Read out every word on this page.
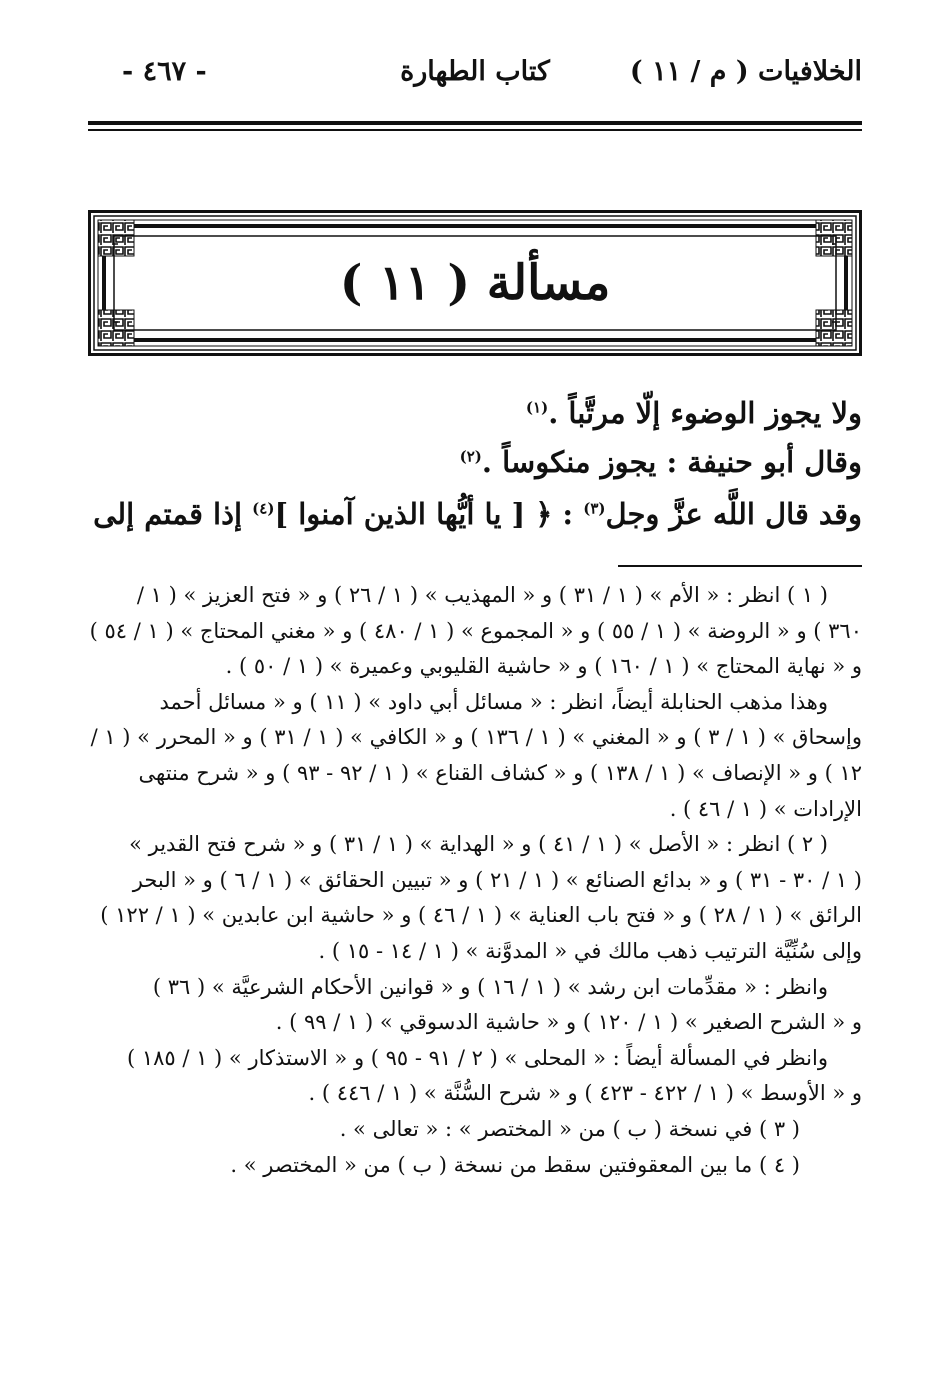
الخلافيات ( م / ١١ )
كتاب الطهارة
- ٤٦٧ -
مسألة ( ١١ )

ولا يجوز الوضوء إلّا مرتَّباً .$^{(١)}$

وقال أبو حنيفة : يجوز منكوساً .$^{(٢)}$

وقد قال اللَّه عزَّ وجل$^{(٣)}$ : ﴿ [ يا أيُّها الذين آمنوا ]$^{(٤)}$ إذا قمتم إلى

( ١ ) انظر : « الأم » ( ١ / ٣١ ) و « المهذيب » ( ١ / ٢٦ ) و « فتح العزيز » ( ١ /

٣٦٠ ) و « الروضة » ( ١ / ٥٥ ) و « المجموع » ( ١ / ٤٨٠ ) و « مغني المحتاج » ( ١ / ٥٤ )

و « نهاية المحتاج » ( ١ / ١٦٠ ) و « حاشية القليوبي وعميرة » ( ١ / ٥٠ ) .

وهذا مذهب الحنابلة أيضاً، انظر : « مسائل أبي داود » ( ١١ ) و « مسائل أحمد

وإسحاق » ( ١ / ٣ ) و « المغني » ( ١ / ١٣٦ ) و « الكافي » ( ١ / ٣١ ) و « المحرر » ( ١ /

١٢ ) و « الإنصاف » ( ١ / ١٣٨ ) و « كشاف القناع » ( ١ / ٩٢ - ٩٣ ) و « شرح منتهى

الإرادات » ( ١ / ٤٦ ) .

( ٢ ) انظر : « الأصل » ( ١ / ٤١ ) و « الهداية » ( ١ / ٣١ ) و « شرح فتح القدير »

( ١ / ٣٠ - ٣١ ) و « بدائع الصنائع » ( ١ / ٢١ ) و « تبيين الحقائق » ( ١ / ٦ ) و « البحر

الرائق » ( ١ / ٢٨ ) و « فتح باب العناية » ( ١ / ٤٦ ) و « حاشية ابن عابدين » ( ١ / ١٢٢ )

وإلى سُنِّيَّة الترتيب ذهب مالك في « المدوَّنة » ( ١ / ١٤ - ١٥ ) .

وانظر : « مقدِّمات ابن رشد » ( ١ / ١٦ ) و « قوانين الأحكام الشرعيَّة » ( ٣٦ )

و « الشرح الصغير » ( ١ / ١٢٠ ) و « حاشية الدسوقي » ( ١ / ٩٩ ) .

وانظر في المسألة أيضاً : « المحلى » ( ٢ / ٩١ - ٩٥ ) و « الاستذكار » ( ١ / ١٨٥ )

و « الأوسط » ( ١ / ٤٢٢ - ٤٢٣ ) و « شرح السُّنَّة » ( ١ / ٤٤٦ ) .

( ٣ ) في نسخة ( ب ) من « المختصر » : « تعالى » .

( ٤ ) ما بين المعقوفتين سقط من نسخة ( ب ) من « المختصر » .
